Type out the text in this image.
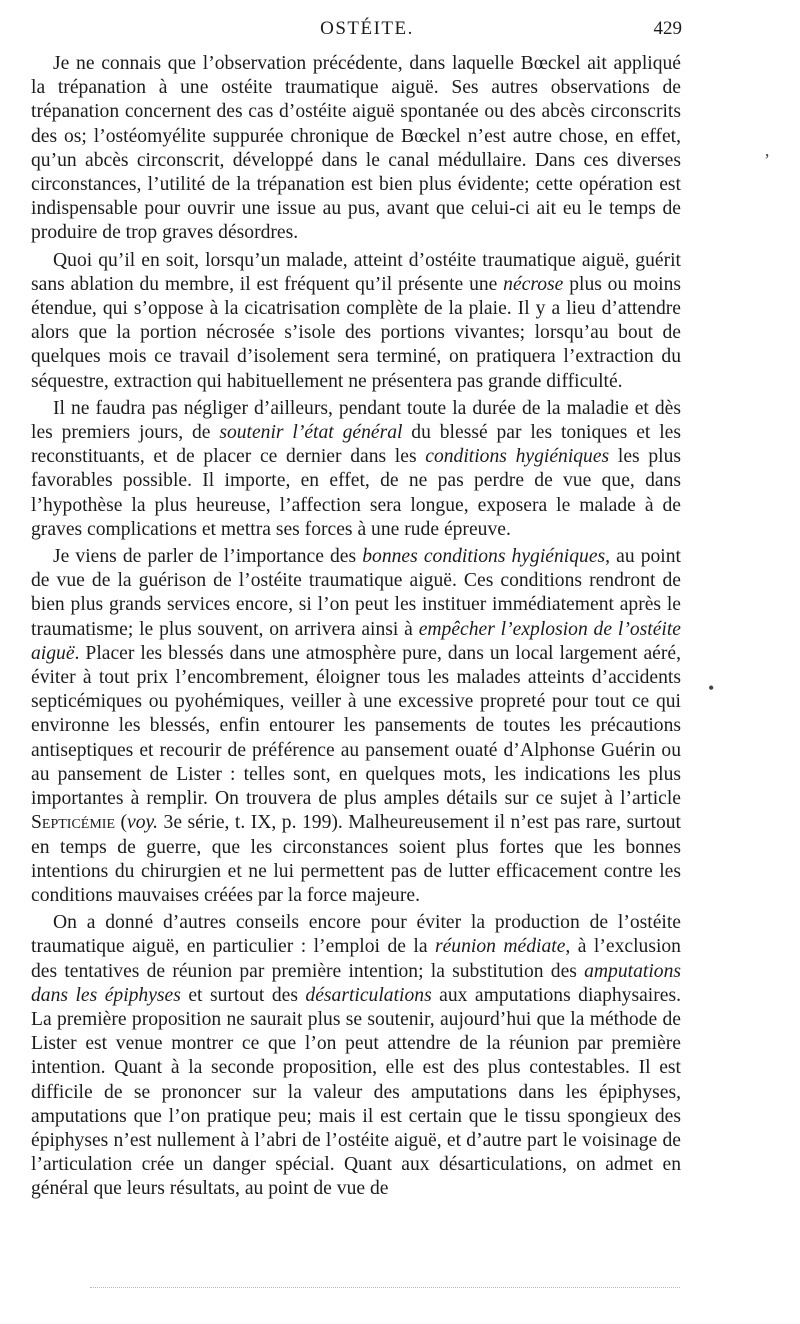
OSTÉITE.	429

Je ne connais que l’observation précédente, dans laquelle Bœckel ait appliqué la trépanation à une ostéite traumatique aiguë. Ses autres observations de trépanation concernent des cas d’ostéite aiguë spontanée ou des abcès circonscrits des os; l’ostéomyélite suppurée chronique de Bœckel n’est autre chose, en effet, qu’un abcès circonscrit, développé dans le canal médullaire. Dans ces diverses circonstances, l’utilité de la trépanation est bien plus évidente; cette opération est indispensable pour ouvrir une issue au pus, avant que celui-ci ait eu le temps de produire de trop graves désordres.

Quoi qu’il en soit, lorsqu’un malade, atteint d’ostéite traumatique aiguë, guérit sans ablation du membre, il est fréquent qu’il présente une nécrose plus ou moins étendue, qui s’oppose à la cicatrisation complète de la plaie. Il y a lieu d’attendre alors que la portion nécrosée s’isole des portions vivantes; lorsqu’au bout de quelques mois ce travail d’isolement sera terminé, on pratiquera l’extraction du séquestre, extraction qui habituellement ne présentera pas grande difficulté.

Il ne faudra pas négliger d’ailleurs, pendant toute la durée de la maladie et dès les premiers jours, de soutenir l’état général du blessé par les toniques et les reconstituants, et de placer ce dernier dans les conditions hygiéniques les plus favorables possible. Il importe, en effet, de ne pas perdre de vue que, dans l’hypothèse la plus heureuse, l’affection sera longue, exposera le malade à de graves complications et mettra ses forces à une rude épreuve.

Je viens de parler de l’importance des bonnes conditions hygiéniques, au point de vue de la guérison de l’ostéite traumatique aiguë. Ces conditions rendront de bien plus grands services encore, si l’on peut les instituer immédiatement après le traumatisme; le plus souvent, on arrivera ainsi à empêcher l’explosion de l’ostéite aiguë. Placer les blessés dans une atmosphère pure, dans un local largement aéré, éviter à tout prix l’encombrement, éloigner tous les malades atteints d’accidents septicémiques ou pyohémiques, veiller à une excessive propreté pour tout ce qui environne les blessés, enfin entourer les pansements de toutes les précautions antiseptiques et recourir de préférence au pansement ouaté d’Alphonse Guérin ou au pansement de Lister : telles sont, en quelques mots, les indications les plus importantes à remplir. On trouvera de plus amples détails sur ce sujet à l’article Septicémie (voy. 3e série, t. IX, p. 199). Malheureusement il n’est pas rare, surtout en temps de guerre, que les circonstances soient plus fortes que les bonnes intentions du chirurgien et ne lui permettent pas de lutter efficacement contre les conditions mauvaises créées par la force majeure.

On a donné d’autres conseils encore pour éviter la production de l’ostéite traumatique aiguë, en particulier : l’emploi de la réunion médiate, à l’exclusion des tentatives de réunion par première intention; la substitution des amputations dans les épiphyses et surtout des désarticulations aux amputations diaphysaires. La première proposition ne saurait plus se soutenir, aujourd’hui que la méthode de Lister est venue montrer ce que l’on peut attendre de la réunion par première intention. Quant à la seconde proposition, elle est des plus contestables. Il est difficile de se prononcer sur la valeur des amputations dans les épiphyses, amputations que l’on pratique peu; mais il est certain que le tissu spongieux des épiphyses n’est nullement à l’abri de l’ostéite aiguë, et d’autre part le voisinage de l’articulation crée un danger spécial. Quant aux désarticulations, on admet en général que leurs résultats, au point de vue de

’
•
